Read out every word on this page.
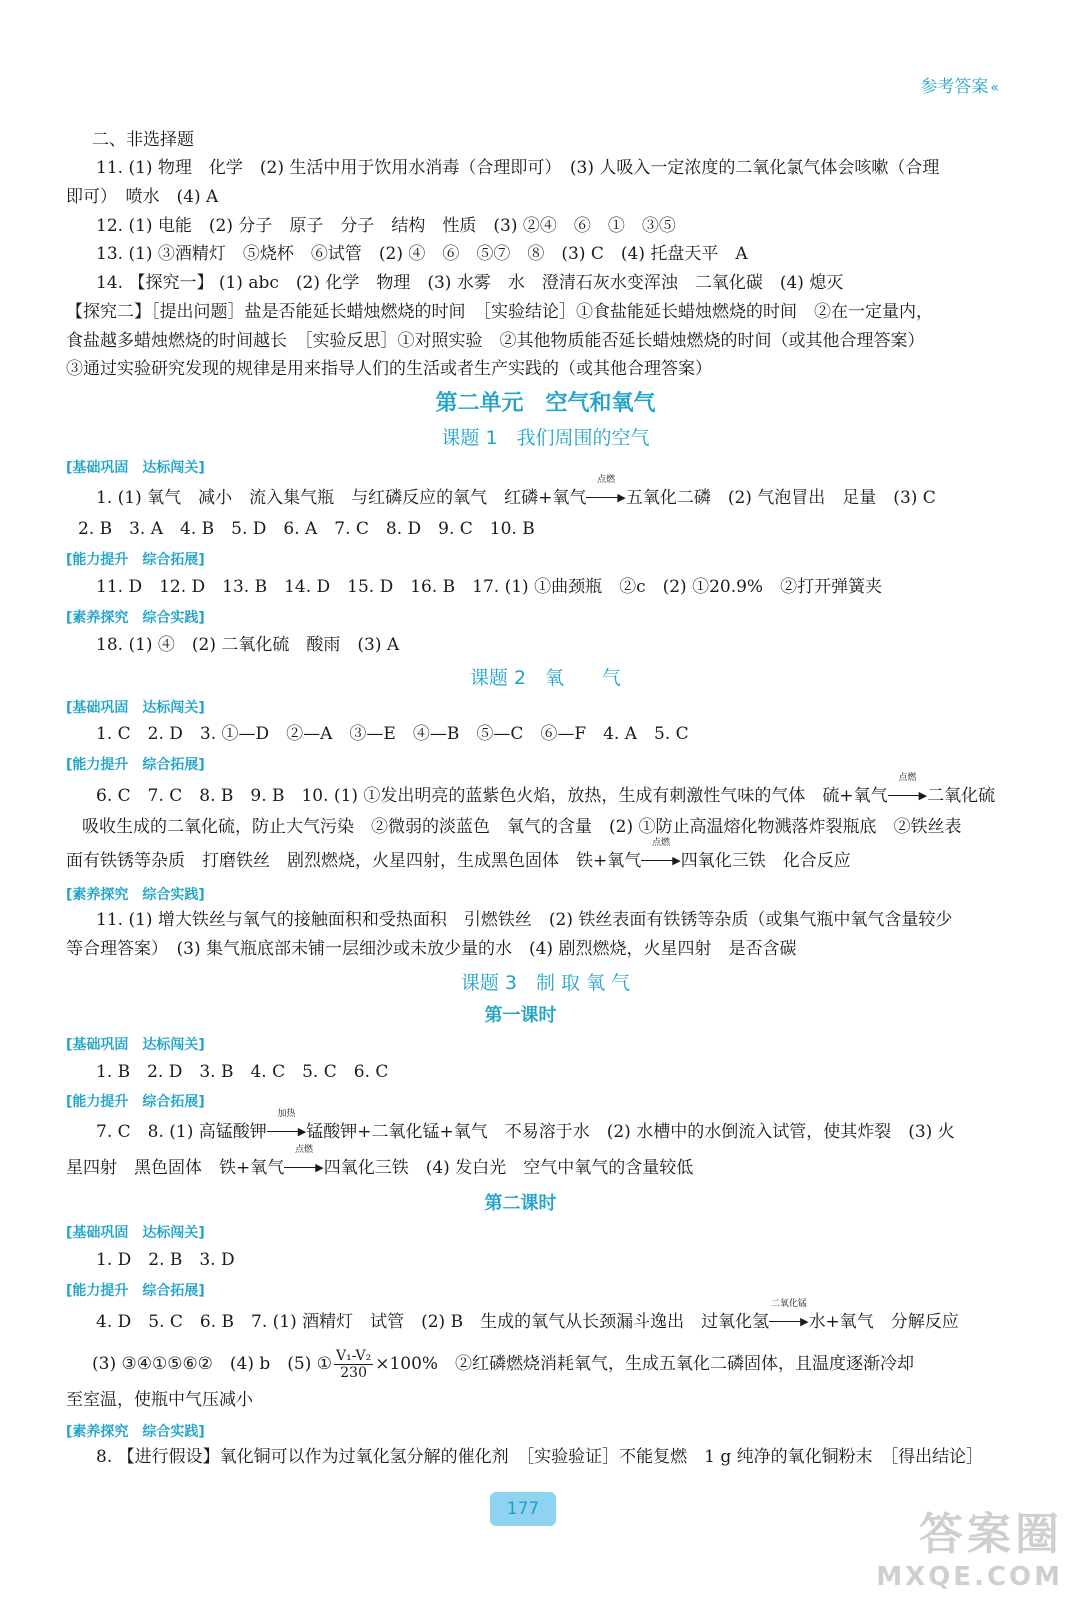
参考答案 «
二、非选择题
11. (1) 物理　化学　(2) 生活中用于饮用水消毒（合理即可）　(3) 人吸入一定浓度的二氧化氯气体会咳嗽（合理
即可）　喷水　(4) A
12. (1) 电能　(2) 分子　原子　分子　结构　性质　(3) ②④　⑥　①　③⑤
13. (1) ③酒精灯　⑤烧杯　⑥试管　(2) ④　⑥　⑤⑦　⑧　(3) C　(4) 托盘天平　A
14. 【探究一】 (1) abc　(2) 化学　物理　(3) 水雾　水　澄清石灰水变浑浊　二氧化碳　(4) 熄灭
【探究二】［提出问题］盐是否能延长蜡烛燃烧的时间　［实验结论］①食盐能延长蜡烛燃烧的时间　②在一定量内，
食盐越多蜡烛燃烧的时间越长　［实验反思］①对照实验　②其他物质能否延长蜡烛燃烧的时间（或其他合理答案）
③通过实验研究发现的规律是用来指导人们的生活或者生产实践的（或其他合理答案）
第二单元　空气和氧气
课题 1　我们周围的空气
[基础巩固　达标闯关]
1. (1) 氧气　减小　流入集气瓶　与红磷反应的氧气　红磷+氧气
点燃
▶五氧化二磷　(2) 气泡冒出　足量　(3) C
2. B　3. A　4. B　5. D　6. A　7. C　8. D　9. C　10. B
[能力提升　综合拓展]
11. D　12. D　13. B　14. D　15. D　16. B　17. (1) ①曲颈瓶　②c　(2) ①20.9%　②打开弹簧夹
[素养探究　综合实践]
18. (1) ④　(2) 二氧化硫　酸雨　(3) A
课题 2　氧　　气
[基础巩固　达标闯关]
1. C　2. D　3. ①—D　②—A　③—E　④—B　⑤—C　⑥—F　4. A　5. C
[能力提升　综合拓展]
6. C　7. C　8. B　9. B　10. (1) ①发出明亮的蓝紫色火焰，放热，生成有刺激性气味的气体　硫+氧气
点燃
▶二氧化硫
吸收生成的二氧化硫，防止大气污染　②微弱的淡蓝色　氧气的含量　(2) ①防止高温熔化物溅落炸裂瓶底　②铁丝表
面有铁锈等杂质　打磨铁丝　剧烈燃烧，火星四射，生成黑色固体　铁+氧气
点燃
▶四氧化三铁　化合反应
[素养探究　综合实践]
11. (1) 增大铁丝与氧气的接触面积和受热面积　引燃铁丝　(2) 铁丝表面有铁锈等杂质（或集气瓶中氧气含量较少
等合理答案）　(3) 集气瓶底部未铺一层细沙或未放少量的水　(4) 剧烈燃烧，火星四射　是否含碳
课题 3　制 取 氧 气
第一课时
[基础巩固　达标闯关]
1. B　2. D　3. B　4. C　5. C　6. C
[能力提升　综合拓展]
7. C　8. (1) 高锰酸钾
加热
▶锰酸钾+二氧化锰+氧气　不易溶于水　(2) 水槽中的水倒流入试管，使其炸裂　(3) 火
星四射　黑色固体　铁+氧气
点燃
▶四氧化三铁　(4) 发白光　空气中氧气的含量较低
第二课时
[基础巩固　达标闯关]
1. D　2. B　3. D
[能力提升　综合拓展]
4. D　5. C　6. B　7. (1) 酒精灯　试管　(2) B　生成的氧气从长颈漏斗逸出　过氧化氢
二氧化锰
▶水+氧气　分解反应
(3) ③④①⑤⑥②　(4) b　(5) ① $\frac{\text{V₁-V₂}}{230} \times 100\%$　②红磷燃烧消耗氧气，生成五氧化二磷固体，且温度逐渐冷却
至室温，使瓶中气压减小
[素养探究　综合实践]
8. 【进行假设】氧化铜可以作为过氧化氢分解的催化剂　［实验验证］不能复燃　1 g 纯净的氧化铜粉末　［得出结论］
177	答案圈
MXQE.COM
